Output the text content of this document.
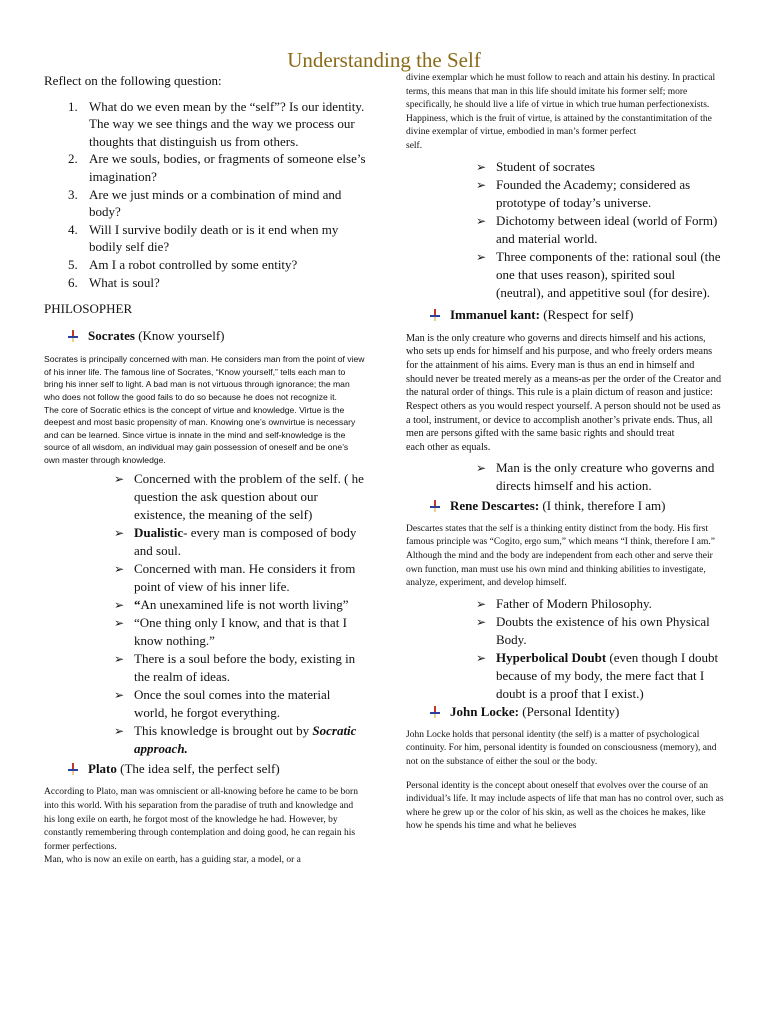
Understanding the Self
Reflect on the following question:
1. What do we even mean by the “self”? Is our identity. The way we see things and the way we process our thoughts that distinguish us from others.
2. Are we souls, bodies, or fragments of someone else’s imagination?
3. Are we just minds or a combination of mind and body?
4. Will I survive bodily death or is it end when my bodily self die?
5. Am I a robot controlled by some entity?
6. What is soul?
PHILOSOPHER
Socrates (Know yourself)

Socrates is principally concerned with man. He considers man from the point of view of his inner life. The famous line of Socrates, “Know yourself,” tells each man to bring his inner self to light. A bad man is not virtuous through ignorance; the man who does not follow the good fails to do so because he does not recognize it.

The core of Socratic ethics is the concept of virtue and knowledge. Virtue is the deepest and most basic propensity of man. Knowing one’s ownvirtue is necessary and can be learned. Since virtue is innate in the mind and self-knowledge is the source of all wisdom, an individual may gain possession of oneself and be one’s own master through knowledge.

➢ Concerned with the problem of the self. ( he question the ask question about our existence, the meaning of the self)
➢ Dualistic- every man is composed of body and soul.
➢ Concerned with man. He considers it from point of view of his inner life.
➢ “An unexamined life is not worth living”
➢ “One thing only I know, and that is that I know nothing.”
➢ There is a soul before the body, existing in the realm of ideas.
➢ Once the soul comes into the material world, he forgot everything.
➢ This knowledge is brought out by Socratic approach.
Plato (The idea self, the perfect self)

According to Plato, man was omniscient or all-knowing before he came to be born into this world. With his separation from the paradise of truth and knowledge and his long exile on earth, he forgot most of the knowledge he had. However, by constantly remembering through contemplation and doing good, he can regain his former perfections.

Man, who is now an exile on earth, has a guiding star, a model, or a

divine exemplar which he must follow to reach and attain his destiny. In practical terms, this means that man in this life should imitate his former self; more specifically, he should live a life of virtue in which true human perfectionexists. Happiness, which is the fruit of virtue, is attained by the constantimitation of the divine exemplar of virtue, embodied in man’s former perfect

self.

➢ Student of socrates
➢ Founded the Academy; considered as prototype of today’s universe.
➢ Dichotomy between ideal (world of Form) and material world.
➢ Three components of the: rational soul (the one that uses reason), spirited soul (neutral), and appetitive soul (for desire).
Immanuel kant: (Respect for self)

Man is the only creature who governs and directs himself and his actions, who sets up ends for himself and his purpose, and who freely orders means for the attainment of his aims. Every man is thus an end in himself and should never be treated merely as a means-as per the order of the Creator and the natural order of things. This rule is a plain dictum of reason and justice: Respect others as you would respect yourself. A person should not be used as a tool, instrument, or device to accomplish another’s private ends. Thus, all men are persons gifted with the same basic rights and should treat

each other as equals.

➢ Man is the only creature who governs and directs himself and his action.
Rene Descartes: (I think, therefore I am)

Descartes states that the self is a thinking entity distinct from the body. His first famous principle was “Cogito, ergo sum,” which means “I think, therefore I am.” Although the mind and the body are independent from each other and serve their own function, man must use his own mind and thinking abilities to investigate, analyze, experiment, and develop himself.

➢ Father of Modern Philosophy.
➢ Doubts the existence of his own Physical Body.
➢ Hyperbolical Doubt (even though I doubt because of my body, the mere fact that I doubt is a proof that I exist.)
John Locke: (Personal Identity)

John Locke holds that personal identity (the self) is a matter of psychological continuity. For him, personal identity is founded on consciousness (memory), and not on the substance of either the soul or the body.

Personal identity is the concept about oneself that evolves over the course of an individual’s life. It may include aspects of life that man has no control over, such as where he grew up or the color of his skin, as well as the choices he makes, like how he spends his time and what he believes
